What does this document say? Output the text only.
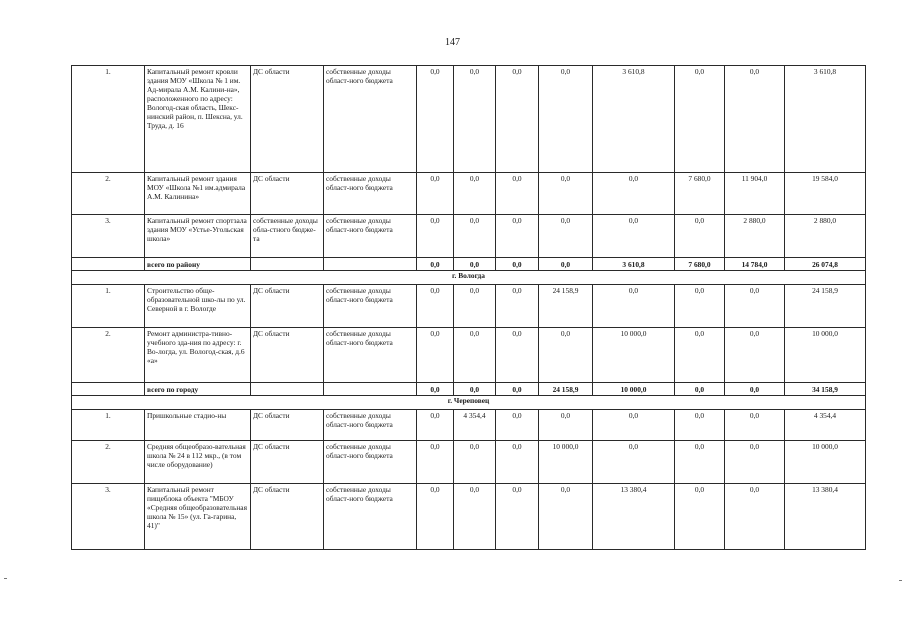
147
1.	Капитальный ремонт кровли здания МОУ «Школа № 1 им. Ад-мирала А.М. Калини-на», расположенного по адресу: Вологод-ская область, Шекс-нинский район, п. Шексна, ул. Труда, д. 16	ДС области	собственные доходы област-ного бюджета	0,0	0,0	0,0	0,0	3 610,8	0,0	0,0	3 610,8
2.	Капитальный ремонт здания МОУ «Школа №1 им.адмирала А.М. Калинина»	ДС области	собственные доходы област-ного бюджета	0,0	0,0	0,0	0,0	0,0	7 680,0	11 904,0	19 584,0
3.	Капитальный ремонт спортзала здания МОУ «Устье-Угольская школа»	собственные доходы обла-стного бюдже-та	собственные доходы област-ного бюджета	0,0	0,0	0,0	0,0	0,0	0,0	2 880,0	2 880,0
	всего по району			0,0	0,0	0,0	0,0	3 610,8	7 680,0	14 784,0	26 074,8
г. Вологда											
1.	Строительство обще-образовательной шко-лы по ул. Северной в г. Вологде	ДС области	собственные доходы област-ного бюджета	0,0	0,0	0,0	24 158,9	0,0	0,0	0,0	24 158,9
2.	Ремонт администра-тивно-учебного зда-ния по адресу: г. Во-логда, ул. Вологод-ская, д.6 «а»	ДС области	собственные доходы област-ного бюджета	0,0	0,0	0,0	0,0	10 000,0	0,0	0,0	10 000,0
	всего по городу			0,0	0,0	0,0	24 158,9	10 000,0	0,0	0,0	34 158,9
г. Череповец											
1.	Пришкольные стадио-ны	ДС области	собственные доходы област-ного бюджета	0,0	4 354,4	0,0	0,0	0,0	0,0	0,0	4 354,4
2.	Средняя общеобразо-вательная школа № 24 в 112 мкр., (в том числе оборудование)	ДС области	собственные доходы област-ного бюджета	0,0	0,0	0,0	10 000,0	0,0	0,0	0,0	10 000,0
3.	Капитальный ремонт пищеблока объекта "МБОУ «Средняя общеобразовательная школа № 15» (ул. Га-гарина, 41)"	ДС области	собственные доходы област-ного бюджета	0,0	0,0	0,0	0,0	13 380,4	0,0	0,0	13 380,4
